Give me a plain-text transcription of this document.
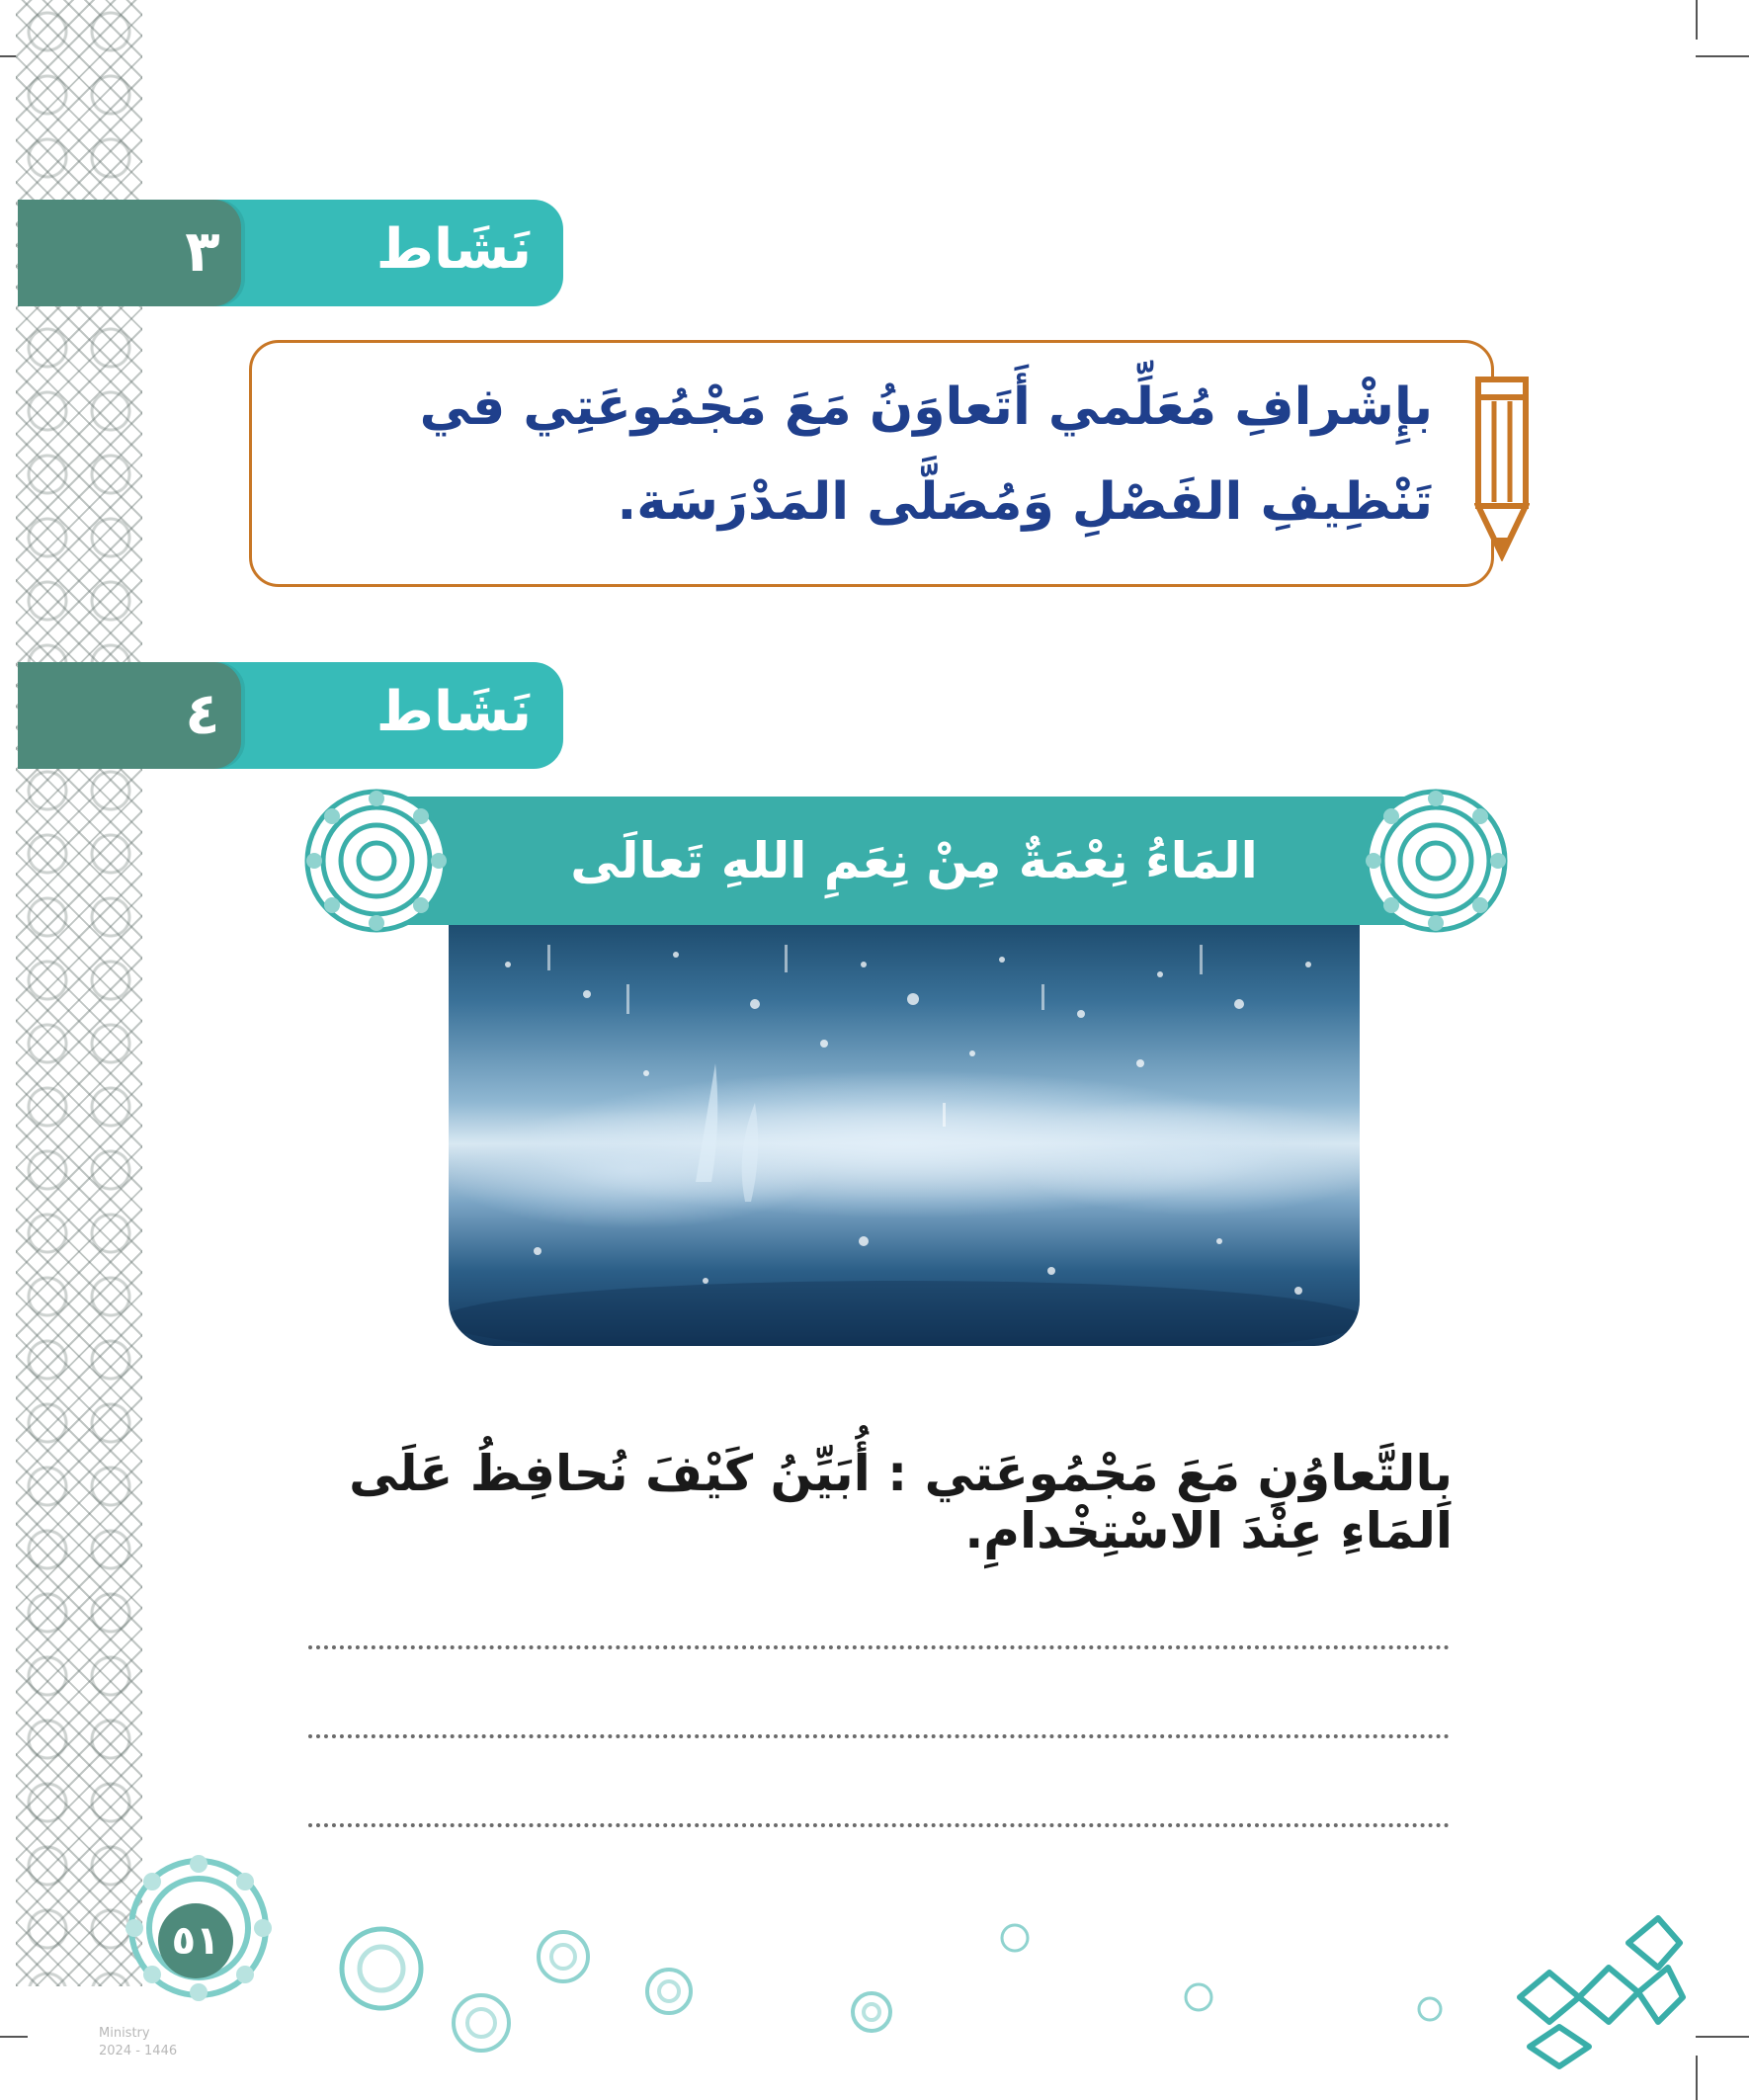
نَشَاط
٣
بإِشْرافِ مُعَلِّمي أَتَعاوَنُ مَعَ مَجْمُوعَتِي في تَنْظِيفِ الفَصْلِ وَمُصَلَّى المَدْرَسَة.
نَشَاط
٤
المَاءُ نِعْمَةٌ مِنْ نِعَمِ اللهِ تَعالَى
بِالتَّعاوُنِ مَعَ مَجْمُوعَتي : أُبَيِّنُ كَيْفَ نُحافِظُ عَلَى المَاءِ عِنْدَ الاسْتِخْدامِ.
٥١
Ministry
2024 - 1446
